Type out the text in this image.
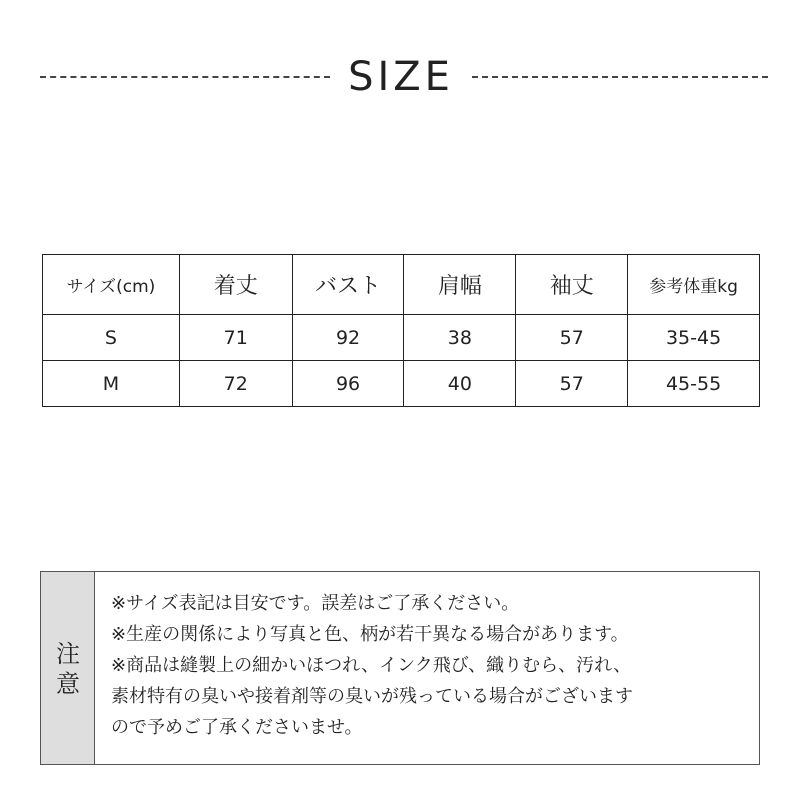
SIZE
サイズ(cm)	着丈	バスト	肩幅	袖丈	参考体重kg
S	71	92	38	57	35-45
M	72	96	40	57	45-55
注
意
※サイズ表記は目安です。誤差はご了承ください。
※生産の関係により写真と色、柄が若干異なる場合があります。
※商品は縫製上の細かいほつれ、インク飛び、織りむら、汚れ、
素材特有の臭いや接着剤等の臭いが残っている場合がございます
ので予めご了承くださいませ。
